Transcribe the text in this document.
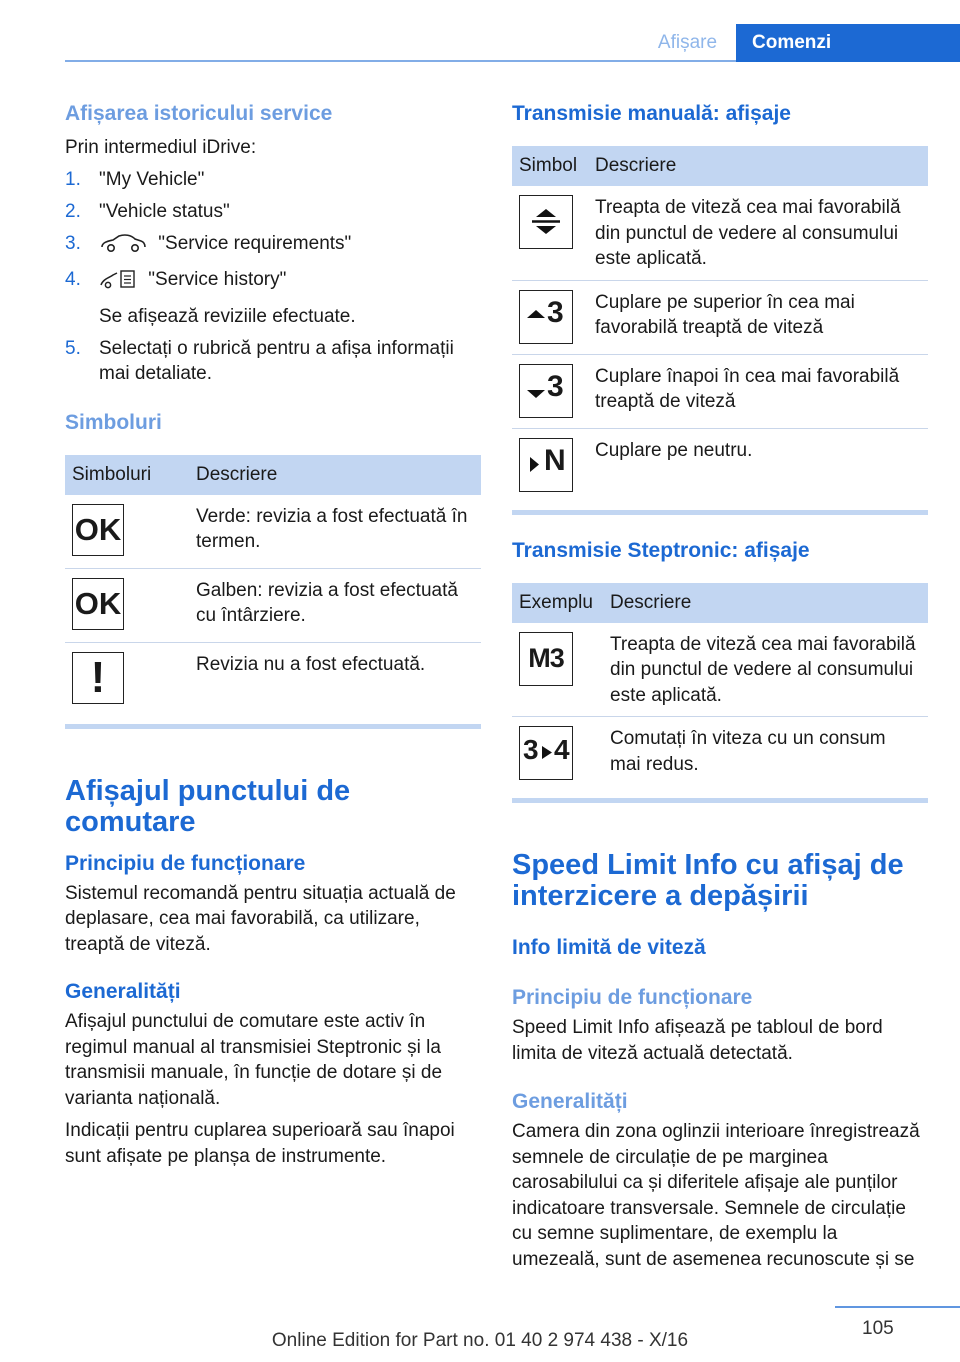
Afișare	Comenzi
Afișarea istoricului service

Prin intermediul iDrive:

1. "My Vehicle"
2. "Vehicle status"
3.	"Service requirements"
4.	"Service history"
Se afișează reviziile efectuate.
5. Selectați o rubrică pentru a afișa informații mai detaliate.
Simboluri
Simboluri	Descriere

OK	Verde: revizia a fost efectuată în termen.

OK	Galben: revizia a fost efectuată cu întârziere.

!	Revizia nu a fost efectuată.
Afișajul punctului de comutare
Principiu de funcționare

Sistemul recomandă pentru situația actuală de deplasare, cea mai favorabilă, ca utilizare, treaptă de viteză.

Generalități

Afișajul punctului de comutare este activ în regimul manual al transmisiei Steptronic și la transmisii manuale, în funcție de dotare și de varianta națională.

Indicații pentru cuplarea superioară sau înapoi sunt afișate pe planșa de instrumente.

Transmisie manuală: afișaje
Simbol	Descriere

	Treapta de viteză cea mai favorabilă din punctul de vedere al consumului este aplicată.

3	Cuplare pe superior în cea mai favorabilă treaptă de viteză

3	Cuplare înapoi în cea mai favorabilă treaptă de viteză

N	Cuplare pe neutru.
Transmisie Steptronic: afișaje
Exemplu	Descriere

M3	Treapta de viteză cea mai favorabilă din punctul de vedere al consumului este aplicată.

3 4	Comutați în viteza cu un consum mai redus.
Speed Limit Info cu afișaj de interzicere a depășirii
Info limită de viteză
Principiu de funcționare

Speed Limit Info afișează pe tabloul de bord limita de viteză actuală detectată.

Generalități

Camera din zona oglinzii interioare înregistrează semnele de circulație de pe marginea carosabilului ca și diferitele afișaje ale punților indicatoare transversale. Semnele de circulație cu semne suplimentare, de exemplu la umezeală, sunt de asemenea recunoscute și se

105
Online Edition for Part no. 01 40 2 974 438 - X/16
